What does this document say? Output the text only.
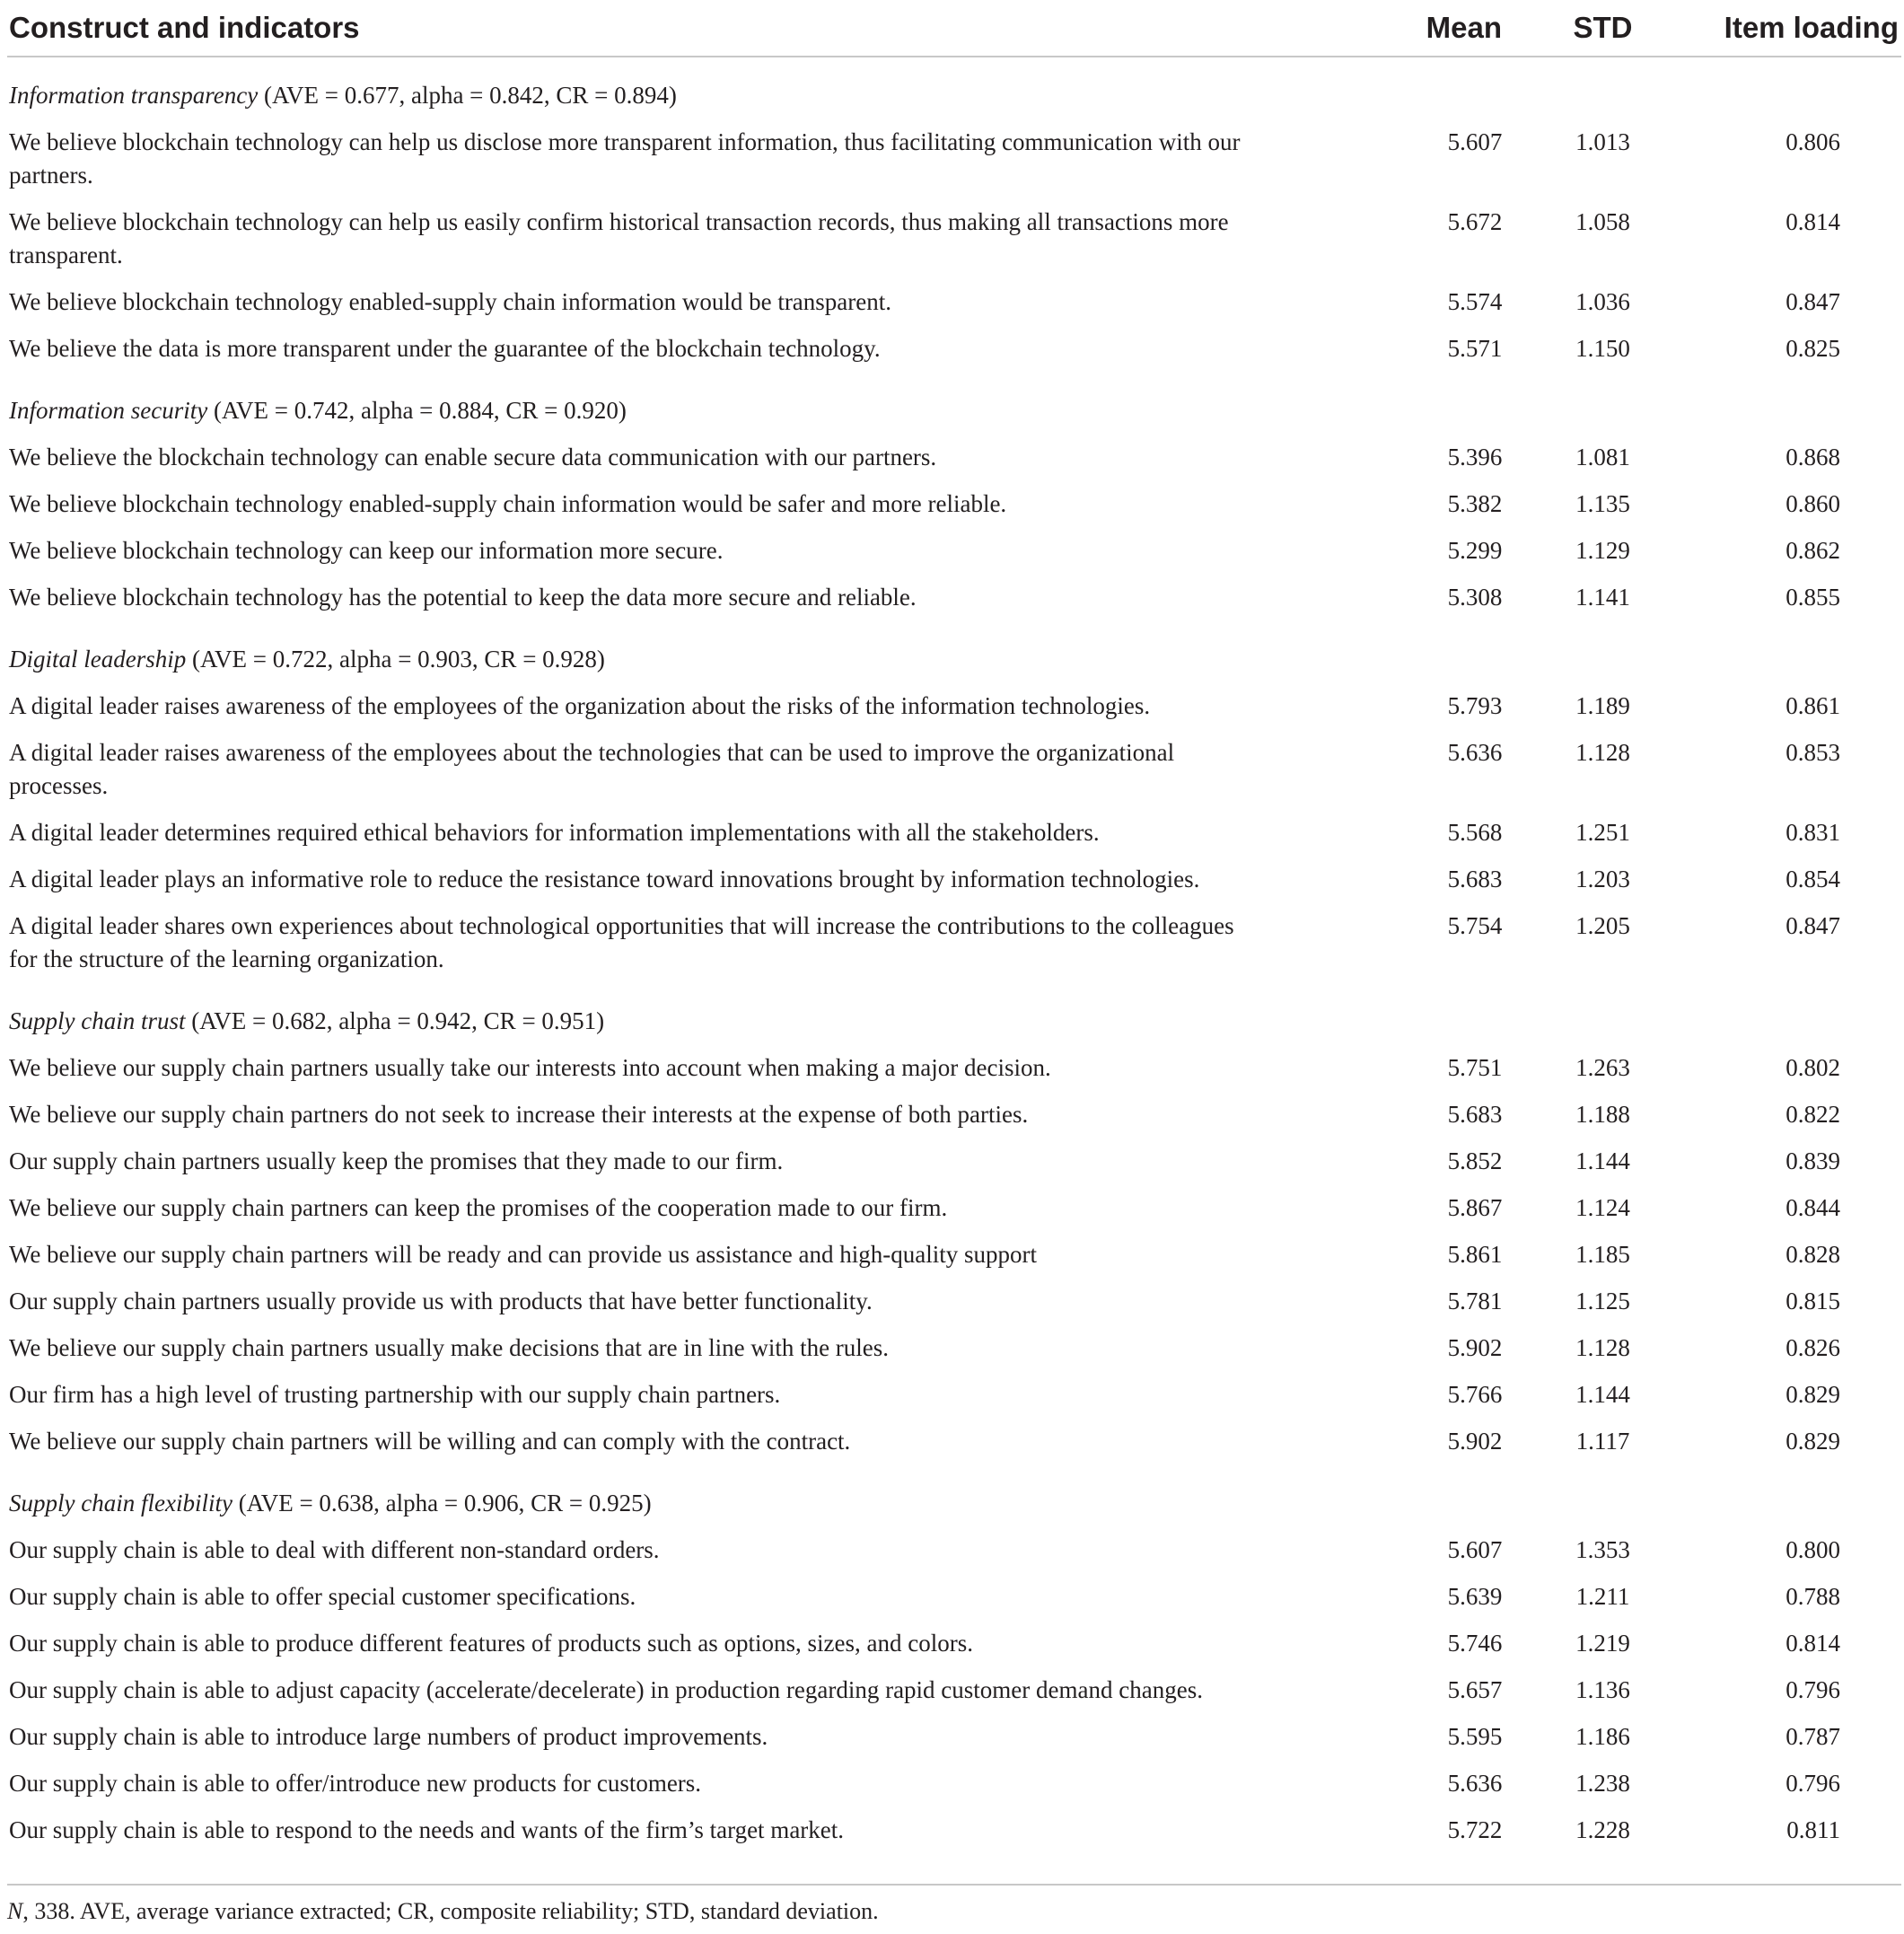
Construct and indicators	Mean	STD	Item loading
Information transparency (AVE = 0.677, alpha = 0.842, CR = 0.894)			
We believe blockchain technology can help us disclose more transparent information, thus facilitating communication with our partners.	5.607	1.013	0.806
We believe blockchain technology can help us easily confirm historical transaction records, thus making all transactions more transparent.	5.672	1.058	0.814
We believe blockchain technology enabled-supply chain information would be transparent.	5.574	1.036	0.847
We believe the data is more transparent under the guarantee of the blockchain technology.	5.571	1.150	0.825
Information security (AVE = 0.742, alpha = 0.884, CR = 0.920)			
We believe the blockchain technology can enable secure data communication with our partners.	5.396	1.081	0.868
We believe blockchain technology enabled-supply chain information would be safer and more reliable.	5.382	1.135	0.860
We believe blockchain technology can keep our information more secure.	5.299	1.129	0.862
We believe blockchain technology has the potential to keep the data more secure and reliable.	5.308	1.141	0.855
Digital leadership (AVE = 0.722, alpha = 0.903, CR = 0.928)			
A digital leader raises awareness of the employees of the organization about the risks of the information technologies.	5.793	1.189	0.861
A digital leader raises awareness of the employees about the technologies that can be used to improve the organizational processes.	5.636	1.128	0.853
A digital leader determines required ethical behaviors for information implementations with all the stakeholders.	5.568	1.251	0.831
A digital leader plays an informative role to reduce the resistance toward innovations brought by information technologies.	5.683	1.203	0.854
A digital leader shares own experiences about technological opportunities that will increase the contributions to the colleagues for the structure of the learning organization.	5.754	1.205	0.847
Supply chain trust (AVE = 0.682, alpha = 0.942, CR = 0.951)			
We believe our supply chain partners usually take our interests into account when making a major decision.	5.751	1.263	0.802
We believe our supply chain partners do not seek to increase their interests at the expense of both parties.	5.683	1.188	0.822
Our supply chain partners usually keep the promises that they made to our firm.	5.852	1.144	0.839
We believe our supply chain partners can keep the promises of the cooperation made to our firm.	5.867	1.124	0.844
We believe our supply chain partners will be ready and can provide us assistance and high-quality support	5.861	1.185	0.828
Our supply chain partners usually provide us with products that have better functionality.	5.781	1.125	0.815
We believe our supply chain partners usually make decisions that are in line with the rules.	5.902	1.128	0.826
Our firm has a high level of trusting partnership with our supply chain partners.	5.766	1.144	0.829
We believe our supply chain partners will be willing and can comply with the contract.	5.902	1.117	0.829
Supply chain flexibility (AVE = 0.638, alpha = 0.906, CR = 0.925)			
Our supply chain is able to deal with different non-standard orders.	5.607	1.353	0.800
Our supply chain is able to offer special customer specifications.	5.639	1.211	0.788
Our supply chain is able to produce different features of products such as options, sizes, and colors.	5.746	1.219	0.814
Our supply chain is able to adjust capacity (accelerate/decelerate) in production regarding rapid customer demand changes.	5.657	1.136	0.796
Our supply chain is able to introduce large numbers of product improvements.	5.595	1.186	0.787
Our supply chain is able to offer/introduce new products for customers.	5.636	1.238	0.796
Our supply chain is able to respond to the needs and wants of the firm’s target market.	5.722	1.228	0.811
N, 338. AVE, average variance extracted; CR, composite reliability; STD, standard deviation.
